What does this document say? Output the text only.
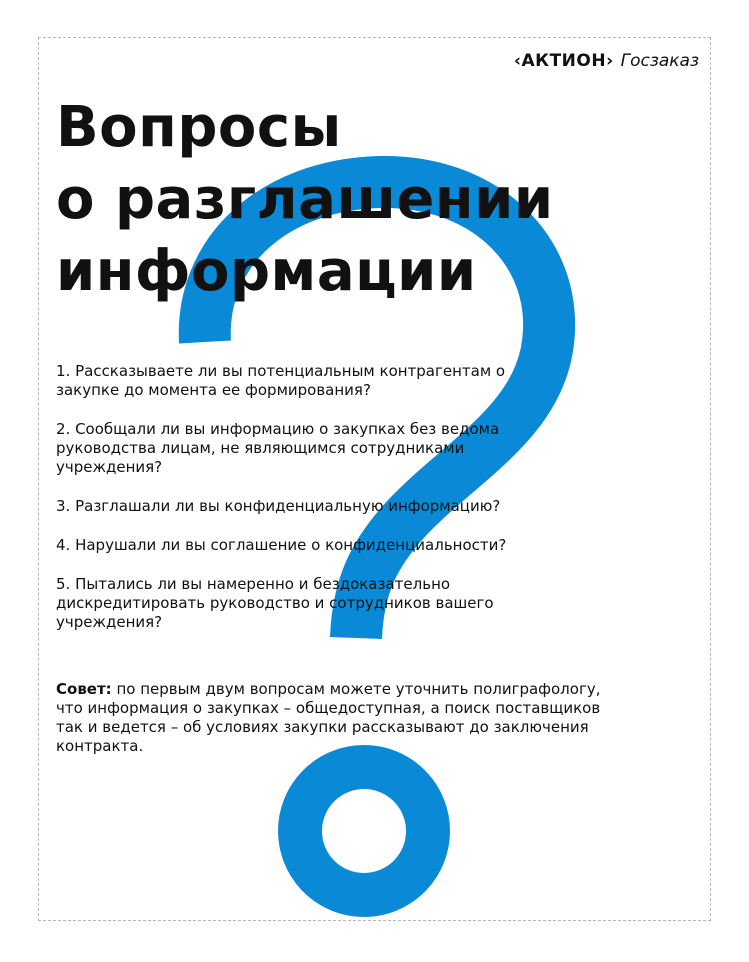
‹АКТИОН› Госзаказ
Вопросы
о разглашении
информации
1. Рассказываете ли вы потенциальным контрагентам о закупке до момента ее формирования?
2. Сообщали ли вы информацию о закупках без ведома руководства лицам, не являющимся сотрудниками учреждения?
3. Разглашали ли вы конфиденциальную информацию?
4. Нарушали ли вы соглашение о конфиденциальности?
5. Пытались ли вы намеренно и бездоказательно дискредитировать руководство и сотрудников вашего учреждения?

Совет: по первым двум вопросам можете уточнить полиграфологу, что информация о закупках – общедоступная, а поиск поставщиков так и ведется – об условиях закупки рассказывают до заключения контракта.
